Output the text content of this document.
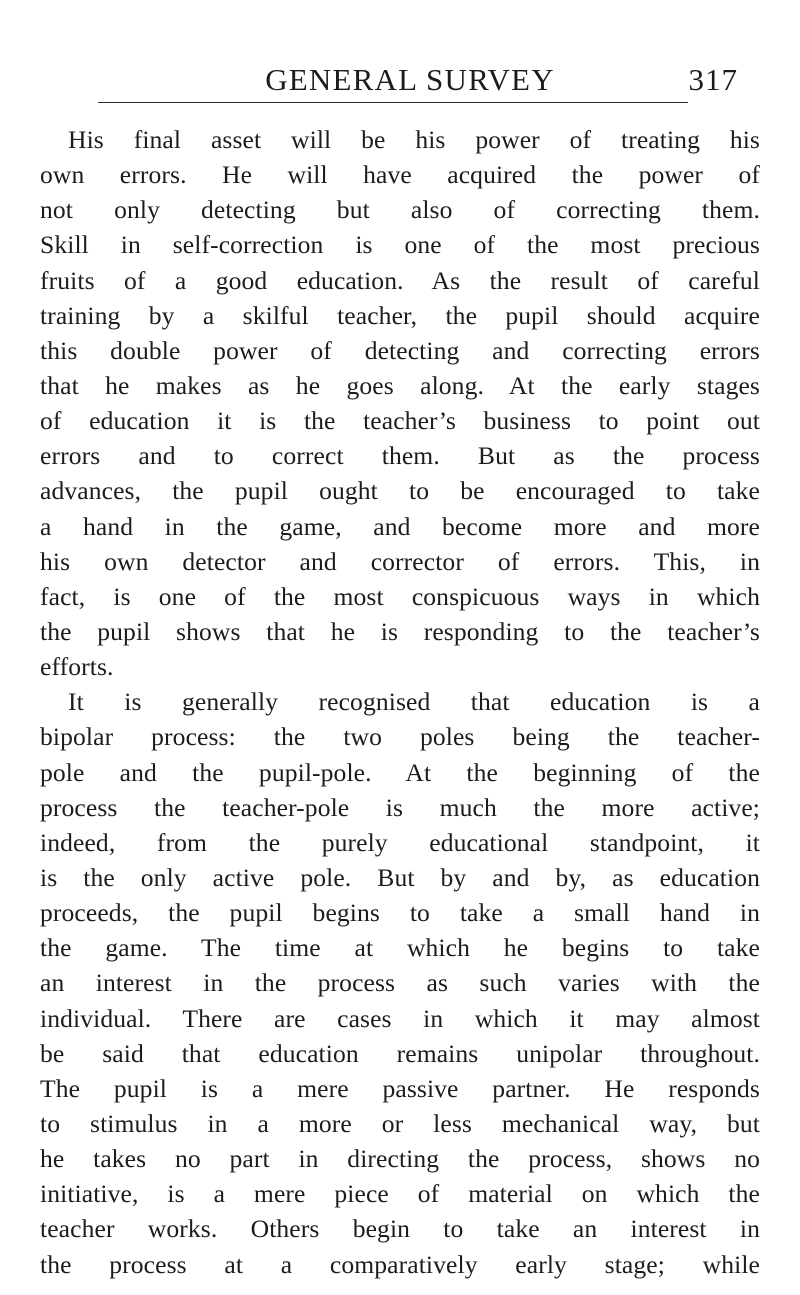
GENERAL SURVEY	317
His final asset will be his power of treating his
own errors. He will have acquired the power of
not only detecting but also of correcting them.
Skill in self-correction is one of the most precious
fruits of a good education. As the result of careful
training by a skilful teacher, the pupil should acquire
this double power of detecting and correcting errors
that he makes as he goes along. At the early stages
of education it is the teacher’s business to point out
errors and to correct them. But as the process
advances, the pupil ought to be encouraged to take
a hand in the game, and become more and more
his own detector and corrector of errors. This, in
fact, is one of the most conspicuous ways in which
the pupil shows that he is responding to the teacher’s
efforts.
It is generally recognised that education is a
bipolar process: the two poles being the teacher-
pole and the pupil-pole. At the beginning of the
process the teacher-pole is much the more active;
indeed, from the purely educational standpoint, it
is the only active pole. But by and by, as education
proceeds, the pupil begins to take a small hand in
the game. The time at which he begins to take
an interest in the process as such varies with the
individual. There are cases in which it may almost
be said that education remains unipolar throughout.
The pupil is a mere passive partner. He responds
to stimulus in a more or less mechanical way, but
he takes no part in directing the process, shows no
initiative, is a mere piece of material on which the
teacher works. Others begin to take an interest in
the process at a comparatively early stage; while
